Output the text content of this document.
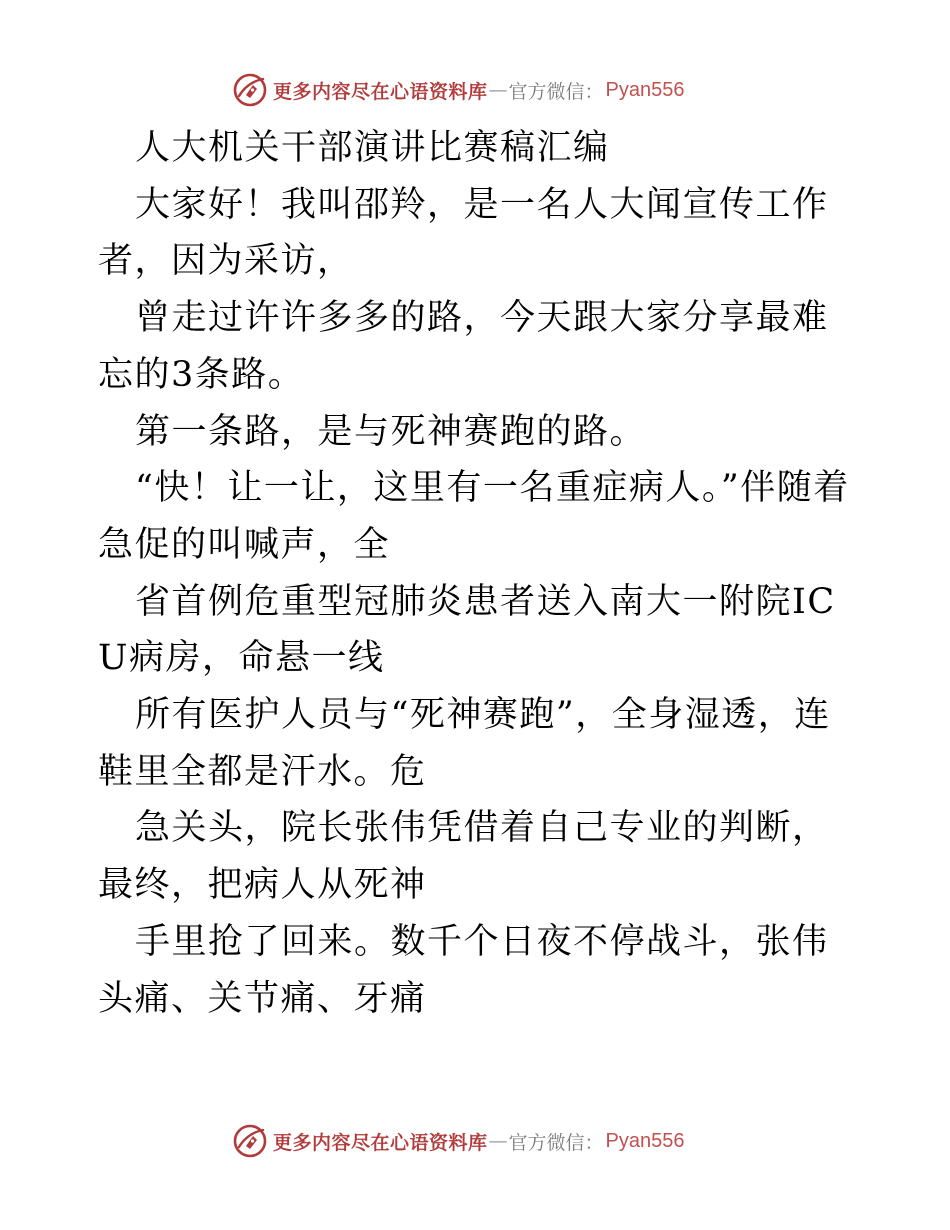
更多内容尽在心语资料库 — 官方微信： Pyan556

人大机关干部演讲比赛稿汇编

大家好！我叫邵羚，是一名人大闻宣传工作者，因为采访，

曾走过许许多多的路，今天跟大家分享最难忘的3条路。

第一条路，是与死神赛跑的路。

“快！让一让，这里有一名重症病人。”伴随着急促的叫喊声，全

省首例危重型冠肺炎患者送入南大一附院ICU病房，命悬一线

所有医护人员与“死神赛跑”，全身湿透，连鞋里全都是汗水。危

急关头，院长张伟凭借着自己专业的判断，最终，把病人从死神

手里抢了回来。数千个日夜不停战斗，张伟头痛、关节痛、牙痛

更多内容尽在心语资料库 — 官方微信： Pyan556
